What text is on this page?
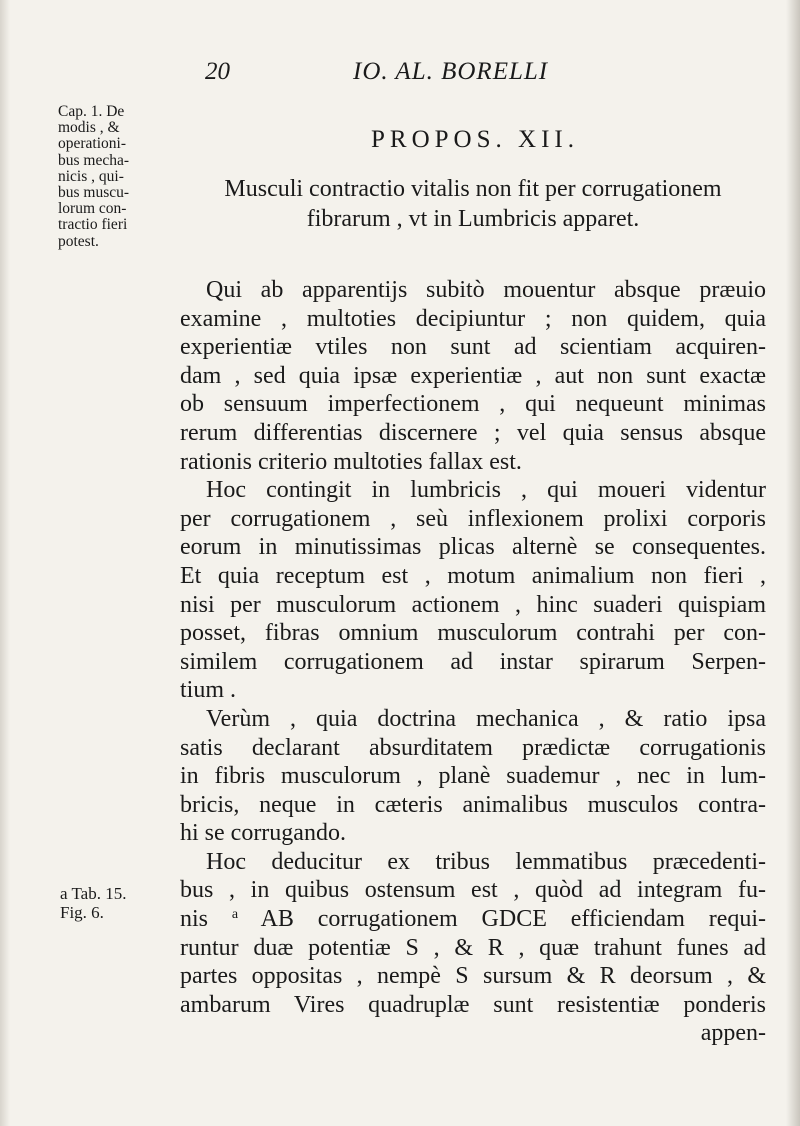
20	IO. AL. BORELLI
Cap. 1. De
modis , &
operationi-
bus mecha-
nicis , qui-
bus muscu-
lorum con-
tractio fieri
potest.
a Tab. 15.
Fig. 6.
PROPOS. XII.
Musculi contractio vitalis non fit per corrugationem
fibrarum , vt in Lumbricis apparet.
Qui ab apparentijs subitò mouentur absque præuio
examine , multoties decipiuntur ; non quidem, quia
experientiæ vtiles non sunt ad scientiam acquiren-
dam , sed quia ipsæ experientiæ , aut non sunt exactæ
ob sensuum imperfectionem , qui nequeunt minimas
rerum differentias discernere ; vel quia sensus absque
rationis criterio multoties fallax est.
Hoc contingit in lumbricis , qui moueri videntur
per corrugationem , seù inflexionem prolixi corporis
eorum in minutissimas plicas alternè se consequentes.
Et quia receptum est , motum animalium non fieri ,
nisi per musculorum actionem , hinc suaderi quispiam
posset, fibras omnium musculorum contrahi per con-
similem corrugationem ad instar spirarum Serpen-
tium .
Verùm , quia doctrina mechanica , & ratio ipsa
satis declarant absurditatem prædictæ corrugationis
in fibris musculorum , planè suademur , nec in lum-
bricis, neque in cæteris animalibus musculos contra-
hi se corrugando.
Hoc deducitur ex tribus lemmatibus præcedenti-
bus , in quibus ostensum est , quòd ad integram fu-
nis $^a$ AB corrugationem GDCE efficiendam requi-
runtur duæ potentiæ S , & R , quæ trahunt funes ad
partes oppositas , nempè S sursum & R deorsum , &
ambarum Vires quadruplæ sunt resistentiæ ponderis
appen-
